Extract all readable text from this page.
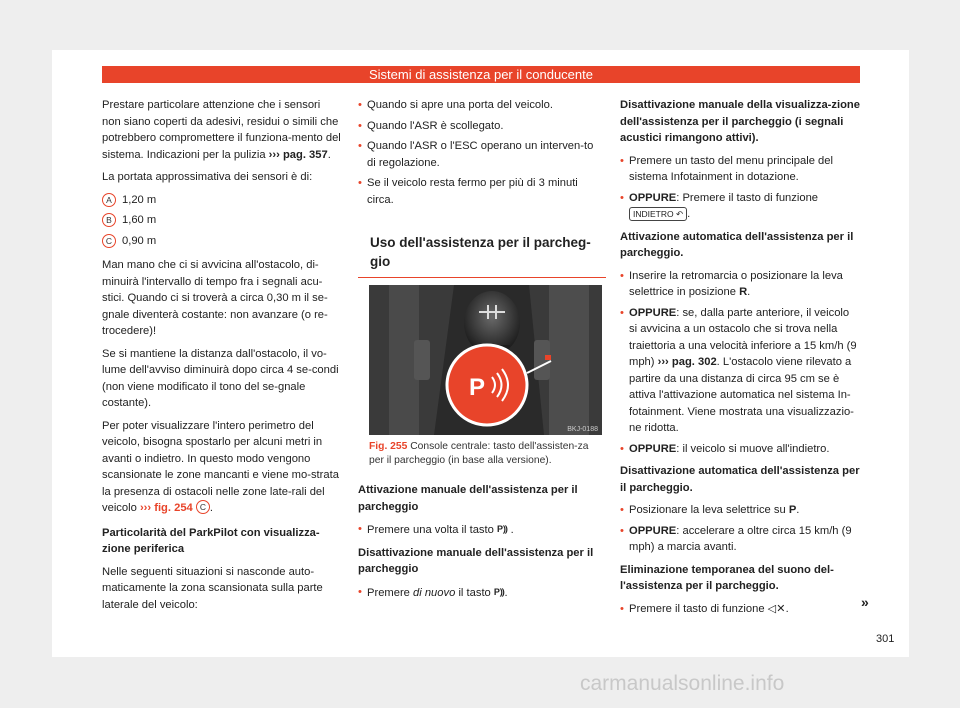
Sistemi di assistenza per il conducente

Prestare particolare attenzione che i sensori non siano coperti da adesivi, residui o simili che potrebbero compromettere il funziona-mento del sistema. Indicazioni per la pulizia ››› pag. 357.

La portata approssimativa dei sensori è di:

A 1,20 m
B 1,60 m
C 0,90 m

Man mano che ci si avvicina all'ostacolo, di-minuirà l'intervallo di tempo fra i segnali acu-stici. Quando ci si troverà a circa 0,30 m il se-gnale diventerà costante: non avanzare (o re-trocedere)!

Se si mantiene la distanza dall'ostacolo, il vo-lume dell'avviso diminuirà dopo circa 4 se-condi (non viene modificato il tono del se-gnale costante).

Per poter visualizzare l'intero perimetro del veicolo, bisogna spostarlo per alcuni metri in avanti o indietro. In questo modo vengono scansionate le zone mancanti e viene mo-strata la presenza di ostacoli nelle zone late-rali del veicolo ››› fig. 254 C .

Particolarità del ParkPilot con visualizza-zione periferica

Nelle seguenti situazioni si nasconde auto-maticamente la zona scansionata sulla parte laterale del veicolo:

• Quando si apre una porta del veicolo.
• Quando l'ASR è scollegato.
• Quando l'ASR o l'ESC operano un interven-to di regolazione.
• Se il veicolo resta fermo per più di 3 minuti circa.
Uso dell'assistenza per il parcheg-gio
P
BKJ-0188
Fig. 255 Console centrale: tasto dell'assisten-za per il parcheggio (in base alla versione).

Attivazione manuale dell'assistenza per il parcheggio

• Premere una volta il tasto P⸩ .

Disattivazione manuale dell'assistenza per il parcheggio

• Premere di nuovo il tasto P⸩.

Disattivazione manuale della visualizza-zione dell'assistenza per il parcheggio (i segnali acustici rimangono attivi).

• Premere un tasto del menu principale del sistema Infotainment in dotazione.
• OPPURE: Premere il tasto di funzione INDIETRO ↶ .

Attivazione automatica dell'assistenza per il parcheggio.

• Inserire la retromarcia o posizionare la leva selettrice in posizione R.
• OPPURE: se, dalla parte anteriore, il veicolo si avvicina a un ostacolo che si trova nella traiettoria a una velocità inferiore a 15 km/h (9 mph) ››› pag. 302. L'ostacolo viene rilevato a partire da una distanza di circa 95 cm se è attiva l'attivazione automatica nel sistema In-fotainment. Viene mostrata una visualizzazio-ne ridotta.
• OPPURE: il veicolo si muove all'indietro.

Disattivazione automatica dell'assistenza per il parcheggio.

• Posizionare la leva selettrice su P.
• OPPURE: accelerare a oltre circa 15 km/h (9 mph) a marcia avanti.

Eliminazione temporanea del suono del-l'assistenza per il parcheggio.

• Premere il tasto di funzione ◁✕.	»
301
carmanualsonline.info
